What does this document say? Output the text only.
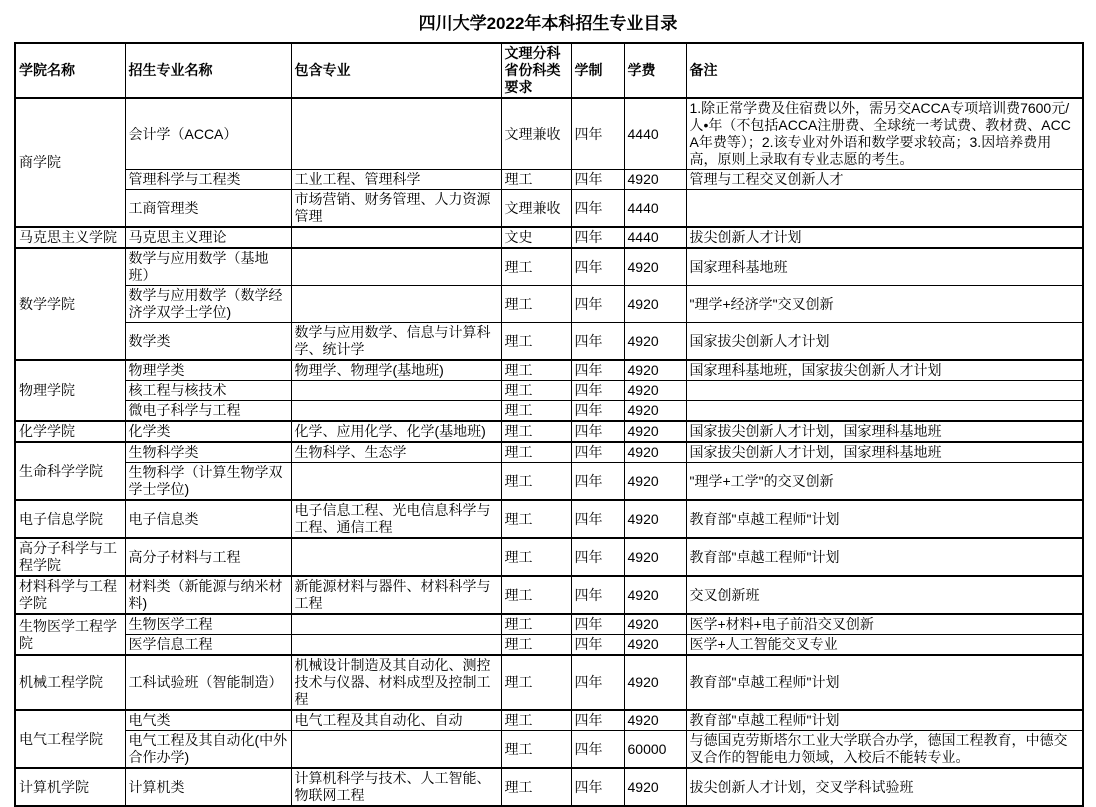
四川大学2022年本科招生专业目录
学院名称	招生专业名称	包含专业	文理分科省份科类要求	学制	学费	备注
商学院	会计学（ACCA）		文理兼收	四年	4440	1.除正常学费及住宿费以外，需另交ACCA专项培训费7600元/人•年（不包括ACCA注册费、全球统一考试费、教材费、ACCA年费等）；2.该专业对外语和数学要求较高；3.因培养费用高，原则上录取有专业志愿的考生。
	管理科学与工程类	工业工程、管理科学	理工	四年	4920	管理与工程交叉创新人才
	工商管理类	市场营销、财务管理、人力资源管理	文理兼收	四年	4440	
马克思主义学院	马克思主义理论		文史	四年	4440	拔尖创新人才计划
数学学院	数学与应用数学（基地班）		理工	四年	4920	国家理科基地班
	数学与应用数学（数学经济学双学士学位)		理工	四年	4920	"理学+经济学"交叉创新
	数学类	数学与应用数学、信息与计算科学、统计学	理工	四年	4920	国家拔尖创新人才计划
物理学院	物理学类	物理学、物理学(基地班)	理工	四年	4920	国家理科基地班，国家拔尖创新人才计划
	核工程与核技术		理工	四年	4920	
	微电子科学与工程		理工	四年	4920	
化学学院	化学类	化学、应用化学、化学(基地班)	理工	四年	4920	国家拔尖创新人才计划，国家理科基地班
生命科学学院	生物科学类	生物科学、生态学	理工	四年	4920	国家拔尖创新人才计划，国家理科基地班
	生物科学（计算生物学双学士学位)		理工	四年	4920	"理学+工学"的交叉创新
电子信息学院	电子信息类	电子信息工程、光电信息科学与工程、通信工程	理工	四年	4920	教育部"卓越工程师"计划
高分子科学与工程学院	高分子材料与工程		理工	四年	4920	教育部"卓越工程师"计划
材料科学与工程学院	材料类（新能源与纳米材料)	新能源材料与器件、材料科学与工程	理工	四年	4920	交叉创新班
生物医学工程学院	生物医学工程		理工	四年	4920	医学+材料+电子前沿交叉创新
	医学信息工程		理工	四年	4920	医学+人工智能交叉专业
机械工程学院	工科试验班（智能制造）	机械设计制造及其自动化、测控技术与仪器、材料成型及控制工程	理工	四年	4920	教育部"卓越工程师"计划
电气工程学院	电气类	电气工程及其自动化、自动	理工	四年	4920	教育部"卓越工程师"计划
	电气工程及其自动化(中外合作办学)		理工	四年	60000	与德国克劳斯塔尔工业大学联合办学，德国工程教育，中德交叉合作的智能电力领域，入校后不能转专业。
计算机学院	计算机类	计算机科学与技术、人工智能、物联网工程	理工	四年	4920	拔尖创新人才计划，交叉学科试验班
